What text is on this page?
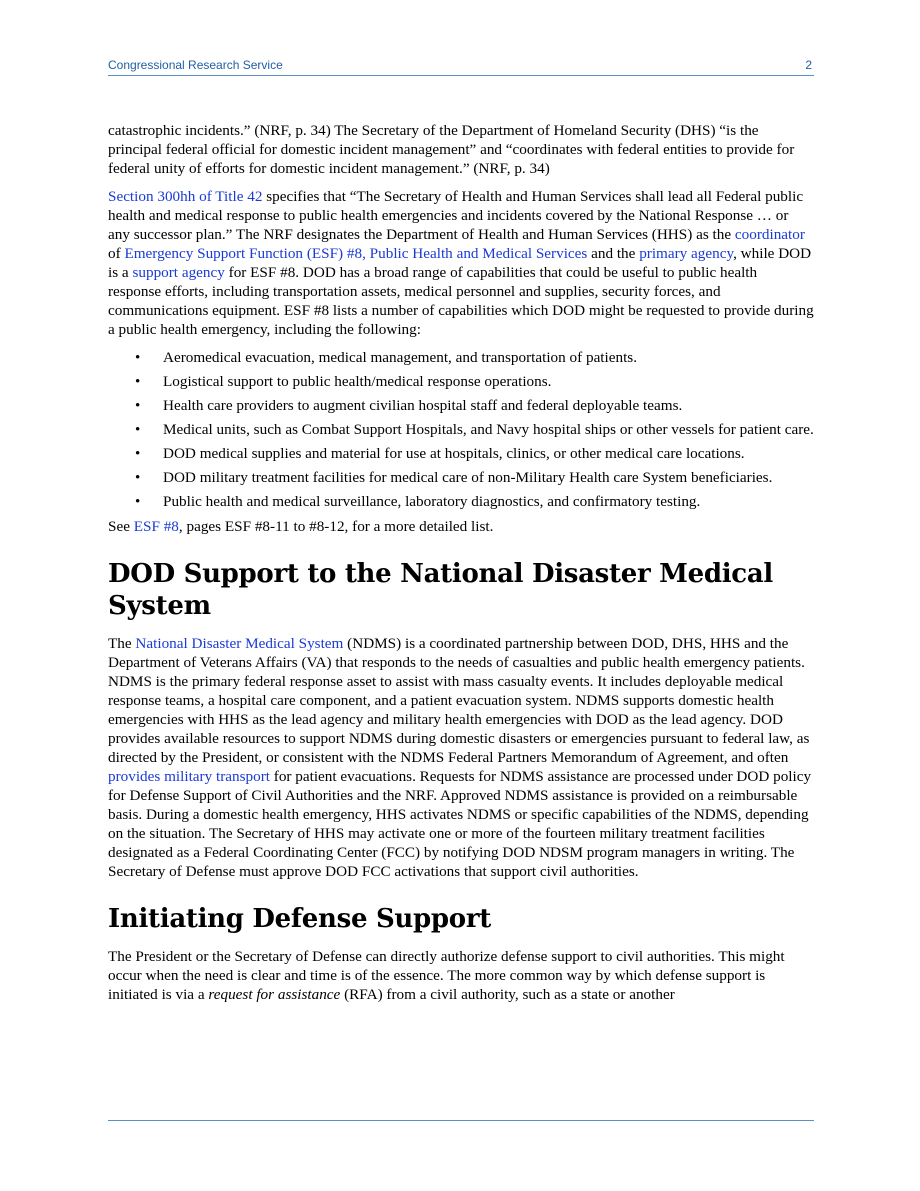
Congressional Research Service	2

catastrophic incidents.” (NRF, p. 34) The Secretary of the Department of Homeland Security (DHS) “is the principal federal official for domestic incident management” and “coordinates with federal entities to provide for federal unity of efforts for domestic incident management.” (NRF, p. 34)

Section 300hh of Title 42 specifies that “The Secretary of Health and Human Services shall lead all Federal public health and medical response to public health emergencies and incidents covered by the National Response … or any successor plan.” The NRF designates the Department of Health and Human Services (HHS) as the coordinator of Emergency Support Function (ESF) #8, Public Health and Medical Services and the primary agency, while DOD is a support agency for ESF #8. DOD has a broad range of capabilities that could be useful to public health response efforts, including transportation assets, medical personnel and supplies, security forces, and communications equipment. ESF #8 lists a number of capabilities which DOD might be requested to provide during a public health emergency, including the following:

• Aeromedical evacuation, medical management, and transportation of patients.
• Logistical support to public health/medical response operations.
• Health care providers to augment civilian hospital staff and federal deployable teams.
• Medical units, such as Combat Support Hospitals, and Navy hospital ships or other vessels for patient care.
• DOD medical supplies and material for use at hospitals, clinics, or other medical care locations.
• DOD military treatment facilities for medical care of non-Military Health care System beneficiaries.
• Public health and medical surveillance, laboratory diagnostics, and confirmatory testing.

See ESF #8, pages ESF #8-11 to #8-12, for a more detailed list.

DOD Support to the National Disaster Medical System

The National Disaster Medical System (NDMS) is a coordinated partnership between DOD, DHS, HHS and the Department of Veterans Affairs (VA) that responds to the needs of casualties and public health emergency patients. NDMS is the primary federal response asset to assist with mass casualty events. It includes deployable medical response teams, a hospital care component, and a patient evacuation system. NDMS supports domestic health emergencies with HHS as the lead agency and military health emergencies with DOD as the lead agency. DOD provides available resources to support NDMS during domestic disasters or emergencies pursuant to federal law, as directed by the President, or consistent with the NDMS Federal Partners Memorandum of Agreement, and often provides military transport for patient evacuations. Requests for NDMS assistance are processed under DOD policy for Defense Support of Civil Authorities and the NRF. Approved NDMS assistance is provided on a reimbursable basis. During a domestic health emergency, HHS activates NDMS or specific capabilities of the NDMS, depending on the situation. The Secretary of HHS may activate one or more of the fourteen military treatment facilities designated as a Federal Coordinating Center (FCC) by notifying DOD NDSM program managers in writing. The Secretary of Defense must approve DOD FCC activations that support civil authorities.

Initiating Defense Support

The President or the Secretary of Defense can directly authorize defense support to civil authorities. This might occur when the need is clear and time is of the essence. The more common way by which defense support is initiated is via a request for assistance (RFA) from a civil authority, such as a state or another
